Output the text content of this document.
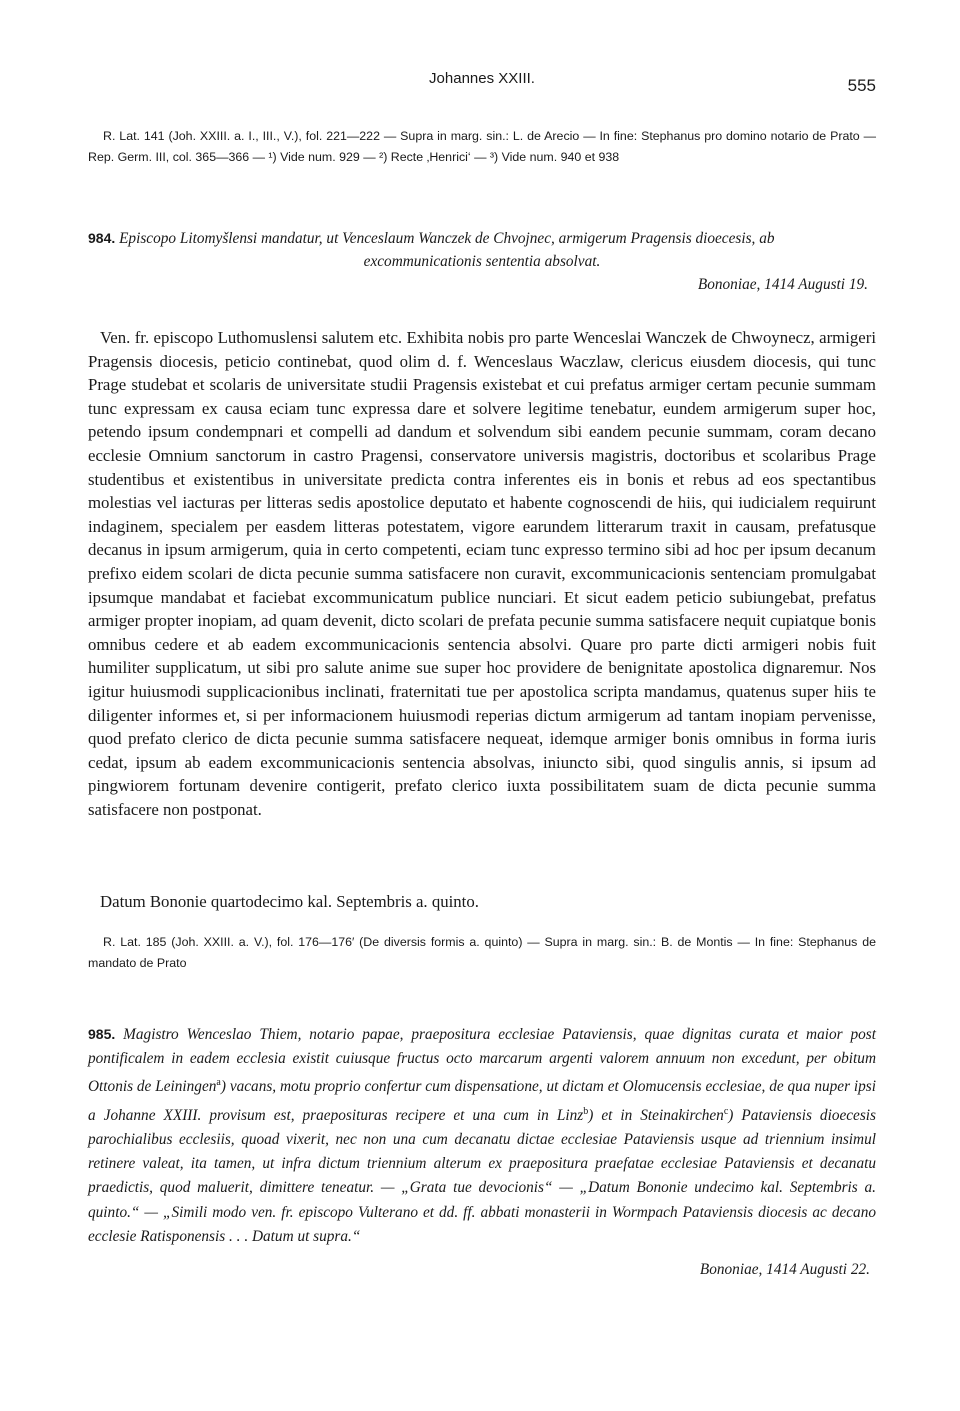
Johannes XXIII.	555

R. Lat. 141 (Joh. XXIII. a. I., III., V.), fol. 221—222 — Supra in marg. sin.: L. de Arecio — In fine: Stephanus pro domino notario de Prato — Rep. Germ. III, col. 365—366 — ¹) Vide num. 929 — ²) Recte ‚Henrici‘ — ³) Vide num. 940 et 938

984. Episcopo Litomyšlensi mandatur, ut Venceslaum Wanczek de Chvojnec, armigerum Pragensis dioecesis, ab
excommunicationis sententia absolvat.

Bononiae, 1414 Augusti 19.

Ven. fr. episcopo Luthomuslensi salutem etc. Exhibita nobis pro parte Wenceslai Wanczek de Chwoynecz, armigeri Pragensis diocesis, peticio continebat, quod olim d. f. Wenceslaus Waczlaw, clericus eiusdem diocesis, qui tunc Prage studebat et scolaris de universitate studii Pragensis existebat et cui prefatus armiger certam pecunie summam tunc expressam ex causa eciam tunc expressa dare et solvere legitime tenebatur, eundem armigerum super hoc, petendo ipsum condempnari et compelli ad dandum et solvendum sibi eandem pecunie summam, coram decano ecclesie Omnium sanctorum in castro Pragensi, conservatore universis magistris, doctoribus et scolaribus Prage studentibus et existentibus in universitate predicta contra inferentes eis in bonis et rebus ad eos spectantibus molestias vel iacturas per litteras sedis apostolice deputato et habente cognoscendi de hiis, qui iudicialem requirunt indaginem, specialem per easdem litteras potestatem, vigore earundem litterarum traxit in causam, prefatusque decanus in ipsum armigerum, quia in certo competenti, eciam tunc expresso termino sibi ad hoc per ipsum decanum prefixo eidem scolari de dicta pecunie summa satisfacere non curavit, excommunicacionis sentenciam promulgabat ipsumque mandabat et faciebat excommunicatum publice nunciari. Et sicut eadem peticio subiungebat, prefatus armiger propter inopiam, ad quam devenit, dicto scolari de prefata pecunie summa satisfacere nequit cupiatque bonis omnibus cedere et ab eadem excommunicacionis sentencia absolvi. Quare pro parte dicti armigeri nobis fuit humiliter supplicatum, ut sibi pro salute anime sue super hoc providere de benignitate apostolica dignaremur. Nos igitur huiusmodi supplicacionibus inclinati, fraternitati tue per apostolica scripta mandamus, quatenus super hiis te diligenter informes et, si per informacionem huiusmodi reperias dictum armigerum ad tantam inopiam pervenisse, quod prefato clerico de dicta pecunie summa satisfacere nequeat, idemque armiger bonis omnibus in forma iuris cedat, ipsum ab eadem excommunicacionis sentencia absolvas, iniuncto sibi, quod singulis annis, si ipsum ad pingwiorem fortunam devenire contigerit, prefato clerico iuxta possibilitatem suam de dicta pecunie summa satisfacere non postponat.

Datum Bononie quartodecimo kal. Septembris a. quinto.

R. Lat. 185 (Joh. XXIII. a. V.), fol. 176—176′ (De diversis formis a. quinto) — Supra in marg. sin.: B. de Montis — In fine: Stephanus de mandato de Prato

985. Magistro Wenceslao Thiem, notario papae, praepositura ecclesiae Pataviensis, quae dignitas curata et maior post pontificalem in eadem ecclesia existit cuiusque fructus octo marcarum argenti valorem annuum non excedunt, per obitum Ottonis de Leiningen$^a$) vacans, motu proprio confertur cum dispensatione, ut dictam et Olomucensis ecclesiae, de qua nuper ipsi a Johanne XXIII. provisum est, praeposituras recipere et una cum in Linz$^b$) et in Steinakirchen$^c$) Pataviensis dioecesis parochialibus ecclesiis, quoad vixerit, nec non una cum decanatu dictae ecclesiae Pataviensis usque ad triennium insimul retinere valeat, ita tamen, ut infra dictum triennium alterum ex praepositura praefatae ecclesiae Pataviensis et decanatu praedictis, quod maluerit, dimittere teneatur. — „Grata tue devocionis“ — „Datum Bononie undecimo kal. Septembris a. quinto.“ — „Simili modo ven. fr. episcopo Vulterano et dd. ff. abbati monasterii in Wormpach Pataviensis diocesis ac decano ecclesie Ratisponensis . . . Datum ut supra.“

Bononiae, 1414 Augusti 22.
